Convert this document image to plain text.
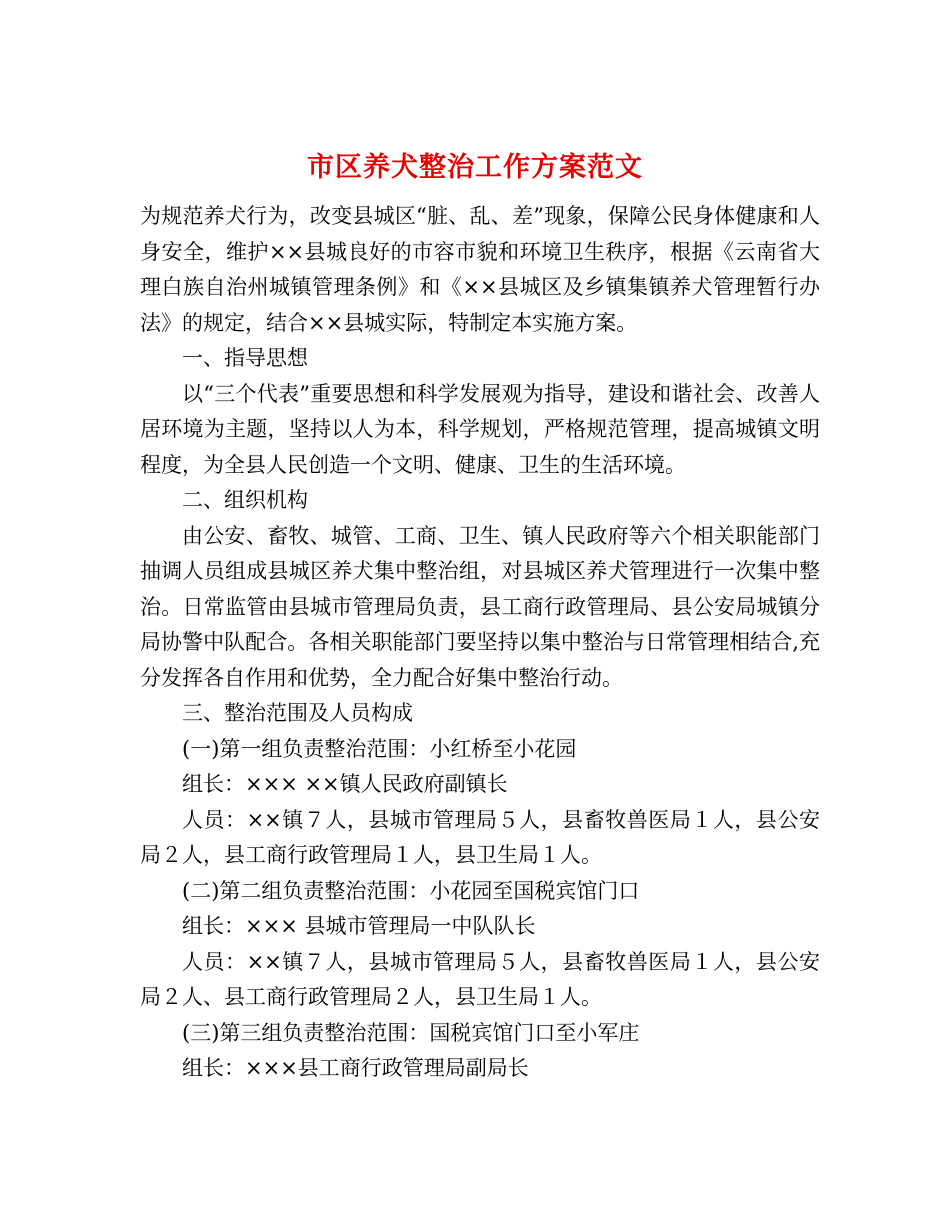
市区养犬整治工作方案范文

为规范养犬行为，改变县城区“脏、乱、差”现象，保障公民身体健康和人身安全，维护××县城良好的市容市貌和环境卫生秩序，根据《云南省大理白族自治州城镇管理条例》和《××县城区及乡镇集镇养犬管理暂行办法》的规定，结合××县城实际，特制定本实施方案。

一、指导思想

以“三个代表”重要思想和科学发展观为指导，建设和谐社会、改善人居环境为主题，坚持以人为本，科学规划，严格规范管理，提高城镇文明程度，为全县人民创造一个文明、健康、卫生的生活环境。

二、组织机构

由公安、畜牧、城管、工商、卫生、镇人民政府等六个相关职能部门抽调人员组成县城区养犬集中整治组，对县城区养犬管理进行一次集中整治。日常监管由县城市管理局负责，县工商行政管理局、县公安局城镇分局协警中队配合。各相关职能部门要坚持以集中整治与日常管理相结合,充分发挥各自作用和优势，全力配合好集中整治行动。

三、整治范围及人员构成

(一)第一组负责整治范围：小红桥至小花园

组长：××× ××镇人民政府副镇长

人员：××镇７人，县城市管理局５人，县畜牧兽医局１人，县公安局２人，县工商行政管理局１人，县卫生局１人。

(二)第二组负责整治范围：小花园至国税宾馆门口

组长：××× 县城市管理局一中队队长

人员：××镇７人，县城市管理局５人，县畜牧兽医局１人，县公安局２人、县工商行政管理局２人，县卫生局１人。

(三)第三组负责整治范围：国税宾馆门口至小军庄

组长：×××县工商行政管理局副局长
